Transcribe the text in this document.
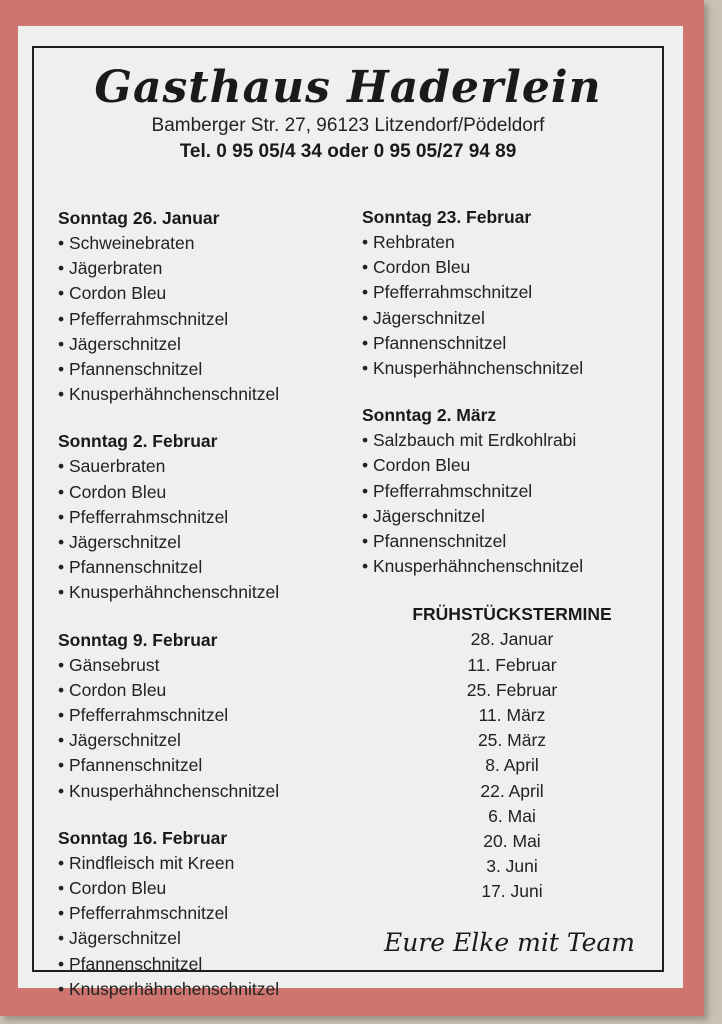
Gasthaus Haderlein
Bamberger Str. 27, 96123 Litzendorf/Pödeldorf
Tel. 0 95 05/4 34 oder 0 95 05/27 94 89
Sonntag 26. Januar
• Schweinebraten
• Jägerbraten
• Cordon Bleu
• Pfefferrahmschnitzel
• Jägerschnitzel
• Pfannenschnitzel
• Knusperhähnchenschnitzel
Sonntag 2. Februar
• Sauerbraten
• Cordon Bleu
• Pfefferrahmschnitzel
• Jägerschnitzel
• Pfannenschnitzel
• Knusperhähnchenschnitzel
Sonntag 9. Februar
• Gänsebrust
• Cordon Bleu
• Pfefferrahmschnitzel
• Jägerschnitzel
• Pfannenschnitzel
• Knusperhähnchenschnitzel
Sonntag 16. Februar
• Rindfleisch mit Kreen
• Cordon Bleu
• Pfefferrahmschnitzel
• Jägerschnitzel
• Pfannenschnitzel
• Knusperhähnchenschnitzel
Sonntag 23. Februar
• Rehbraten
• Cordon Bleu
• Pfefferrahmschnitzel
• Jägerschnitzel
• Pfannenschnitzel
• Knusperhähnchenschnitzel
Sonntag 2. März
• Salzbauch mit Erdkohlrabi
• Cordon Bleu
• Pfefferrahmschnitzel
• Jägerschnitzel
• Pfannenschnitzel
• Knusperhähnchenschnitzel
FRÜHSTÜCKSTERMINE
28. Januar
11. Februar
25. Februar
11. März
25. März
8. April
22. April
6. Mai
20. Mai
3. Juni
17. Juni
Eure Elke mit Team
